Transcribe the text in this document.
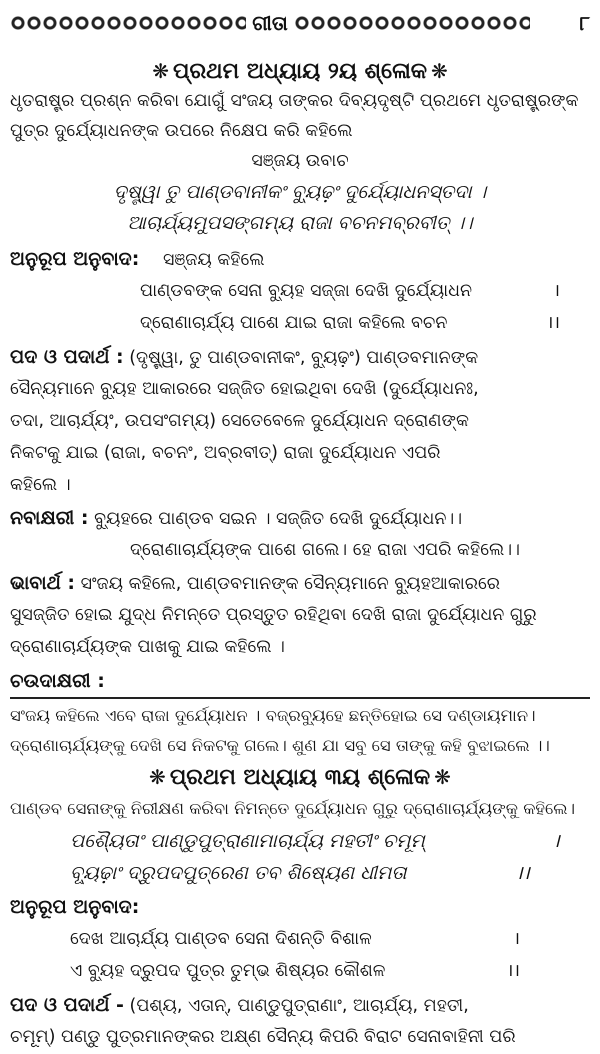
ଗୀତା	୮
❋ ପ୍ରଥମ ଅଧ୍ୟାୟ ୨ୟ ଶ୍ଳୋକ ❋
ଧୃତରାଷ୍ଟ୍ର ପ୍ରଶ୍ନ କରିବା ଯୋଗୁଁ ସଂଜୟ ତାଙ୍କର ଦିବ୍ୟଦୃଷ୍ଟି ପ୍ରଥମେ ଧୃତରାଷ୍ଟ୍ରଙ୍କ
ପୁତ୍ର ଦୁର୍ଯ୍ୟୋଧନଙ୍କ ଉପରେ ନିକ୍ଷେପ କରି କହିଲେ
ସଞ୍ଜୟ ଉବାଚ
ଦୃଷ୍ଟ୍ୱା ତୁ ପାଣ୍ଡବାନୀକଂ ବ୍ୟୁଢ଼ଂ ଦୁର୍ଯ୍ୟୋଧନସ୍ତଦା ।
ଆଚାର୍ଯ୍ୟମୁପସଙ୍ଗମ୍ୟ ରାଜା ବଚନମବ୍ରବୀତ୍ ।।
ଅନୁରୂପ ଅନୁବାଦ: ସଞ୍ଜୟ କହିଲେ
ପାଣ୍ଡବଙ୍କ ସେନା ବ୍ୟୁହ ସଜ୍ଜା ଦେଖି ଦୁର୍ଯ୍ୟୋଧନ	।
ଦ୍ରୋଣାଚାର୍ଯ୍ୟ ପାଶେ ଯାଇ ରାଜା କହିଲେ ବଚନ	।।
ପଦ ଓ ପଦାର୍ଥ : (ଦୃଷ୍ଟ୍ୱା, ତୁ ପାଣ୍ଡବାନୀକଂ, ବ୍ୟୁଢ଼ଂ) ପାଣ୍ଡବମାନଙ୍କ
ସୈନ୍ୟମାନେ ବ୍ୟୁହ ଆକାରରେ ସଜ୍ଜିତ ହୋଇଥିବା ଦେଖି (ଦୁର୍ଯ୍ୟୋଧନଃ,
ତଦା, ଆଚାର୍ଯ୍ୟଂ, ଉପସଂଗମ୍ୟ) ସେତେବେଳେ ଦୁର୍ଯ୍ୟୋଧନ ଦ୍ରୋଣଙ୍କ
ନିକଟକୁ ଯାଇ (ରାଜା, ବଚନଂ, ଅବ୍ରବୀତ୍) ରାଜା ଦୁର୍ଯ୍ୟୋଧନ ଏପରି
କହିଲେ ।
ନବାକ୍ଷରୀ : ବ୍ୟୁହରେ ପାଣ୍ଡବ ସଇନ । ସଜ୍ଜିତ ଦେଖି ଦୁର୍ଯ୍ୟୋଧନ।।
ଦ୍ରୋଣାଚାର୍ଯ୍ୟଙ୍କ ପାଶେ ଗଲେ। ହେ ରାଜା ଏପରି କହିଲେ।।
ଭାବାର୍ଥ : ସଂଜୟ କହିଲେ, ପାଣ୍ଡବମାନଙ୍କ ସୈନ୍ୟମାନେ ବ୍ୟୁହଆକାରରେ
ସୁସଜ୍ଜିତ ହୋଇ ଯୁଦ୍ଧ ନିମନ୍ତେ ପ୍ରସ୍ତୁତ ରହିଥିବା ଦେଖି ରାଜା ଦୁର୍ଯ୍ୟୋଧନ ଗୁରୁ
ଦ୍ରୋଣାଚାର୍ଯ୍ୟଙ୍କ ପାଖକୁ ଯାଇ କହିଲେ ।
ଚଉଦାକ୍ଷରୀ :
ସଂଜୟ କହିଲେ ଏବେ ରାଜା ଦୁର୍ଯ୍ୟୋଧନ । ବଜ୍ରବ୍ୟୁହେ ଛନ୍ତିହୋଇ ସେ ଦଣ୍ଡାୟମାନ।
ଦ୍ରୋଣାଚାର୍ଯ୍ୟଙ୍କୁ ଦେଖି ସେ ନିକଟକୁ ଗଲେ। ଶୁଣ ଯା ସବୁ ସେ ତାଙ୍କୁ କହି ବୁଝାଇଲେ ।।
❋ ପ୍ରଥମ ଅଧ୍ୟାୟ ୩ୟ ଶ୍ଳୋକ ❋
ପାଣ୍ଡବ ସେନାଙ୍କୁ ନିରୀକ୍ଷଣ କରିବା ନିମନ୍ତେ ଦୁର୍ଯ୍ୟୋଧନ ଗୁରୁ ଦ୍ରୋଣାଚାର୍ଯ୍ୟଙ୍କୁ କହିଲେ।
ପଶ୍ୟୈତାଂ ପାଣ୍ଡୁପୁତ୍ରାଣାମାଚାର୍ଯ୍ୟ ମହତୀଂ ଚମୂମ୍	।
ବ୍ୟୂଢ଼ାଂ ଦ୍ରୁପଦପୁତ୍ରେଣ ତବ ଶିଷ୍ୟେଣ ଧୀମତା	।।
ଅନୁରୂପ ଅନୁବାଦ:
ଦେଖ ଆଚାର୍ଯ୍ୟ ପାଣ୍ଡବ ସେନା ଦିଶନ୍ତି ବିଶାଳ	।
ଏ ବ୍ୟୁହ ଦ୍ରୁପଦ ପୁତ୍ର ତୁମ୍ଭ ଶିଷ୍ୟର କୌଶଳ	।।
ପଦ ଓ ପଦାର୍ଥ - (ପଶ୍ୟ, ଏତାନ୍, ପାଣ୍ଡୁପୁତ୍ରାଣାଂ, ଆଚାର୍ଯ୍ୟ, ମହତୀ,
ଚମୂମ୍) ପଣ୍ଡୁ ପୁତ୍ରମାନଙ୍କର ଅକ୍ଷ୍ଣ ସୈନ୍ୟ କିପରି ବିରାଟ ସେନାବାହିନୀ ପରି
